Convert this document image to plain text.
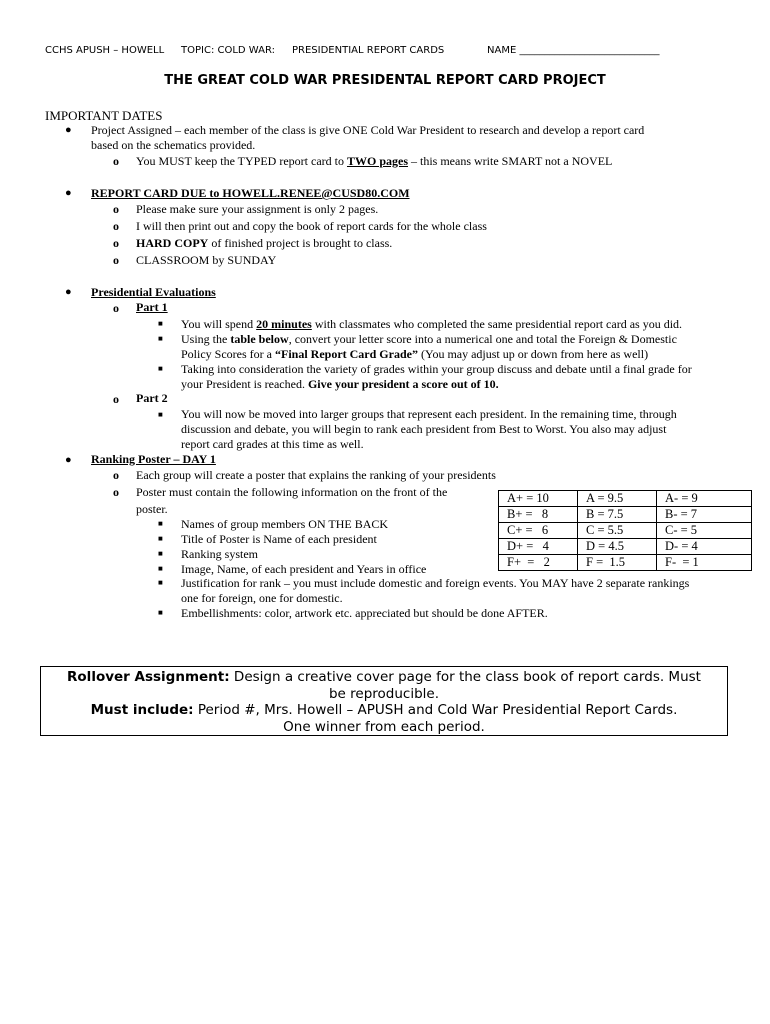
CCHS APUSH – HOWELL TOPIC: COLD WAR: PRESIDENTIAL REPORT CARDS	NAME ____________________________
THE GREAT COLD WAR PRESIDENTAL REPORT CARD PROJECT
IMPORTANT DATES
● Project Assigned – each member of the class is give ONE Cold War President to research and develop a report card
based on the schematics provided.
o You MUST keep the TYPED report card to TWO pages – this means write SMART not a NOVEL
● REPORT CARD DUE to HOWELL.RENEE@CUSD80.COM
o Please make sure your assignment is only 2 pages.
o I will then print out and copy the book of report cards for the whole class
o HARD COPY of finished project is brought to class.
o CLASSROOM by SUNDAY
● Presidential Evaluations
o Part 1
■ You will spend 20 minutes with classmates who completed the same presidential report card as you did.
■ Using the table below, convert your letter score into a numerical one and total the Foreign & Domestic
Policy Scores for a “Final Report Card Grade” (You may adjust up or down from here as well)
■ Taking into consideration the variety of grades within your group discuss and debate until a final grade for
your President is reached. Give your president a score out of 10.
o Part 2
■ You will now be moved into larger groups that represent each president. In the remaining time, through
discussion and debate, you will begin to rank each president from Best to Worst. You also may adjust
report card grades at this time as well.
● Ranking Poster – DAY 1
o Each group will create a poster that explains the ranking of your presidents
o Poster must contain the following information on the front of the
poster.
■ Names of group members ON THE BACK
■ Title of Poster is Name of each president
■ Ranking system
■ Image, Name, of each president and Years in office
■ Justification for rank – you must include domestic and foreign events. You MAY have 2 separate rankings
one for foreign, one for domestic.
■ Embellishments: color, artwork etc. appreciated but should be done AFTER.
A+ = 10	A = 9.5	A- = 9
B+ =   8	B = 7.5	B- = 7
C+ =   6	C = 5.5	C- = 5
D+ =   4	D = 4.5	D- = 4
F+  =   2	F =  1.5	F-  = 1
Rollover Assignment: Design a creative cover page for the class book of report cards. Must
be reproducible.
Must include: Period #, Mrs. Howell – APUSH and Cold War Presidential Report Cards.
One winner from each period.
